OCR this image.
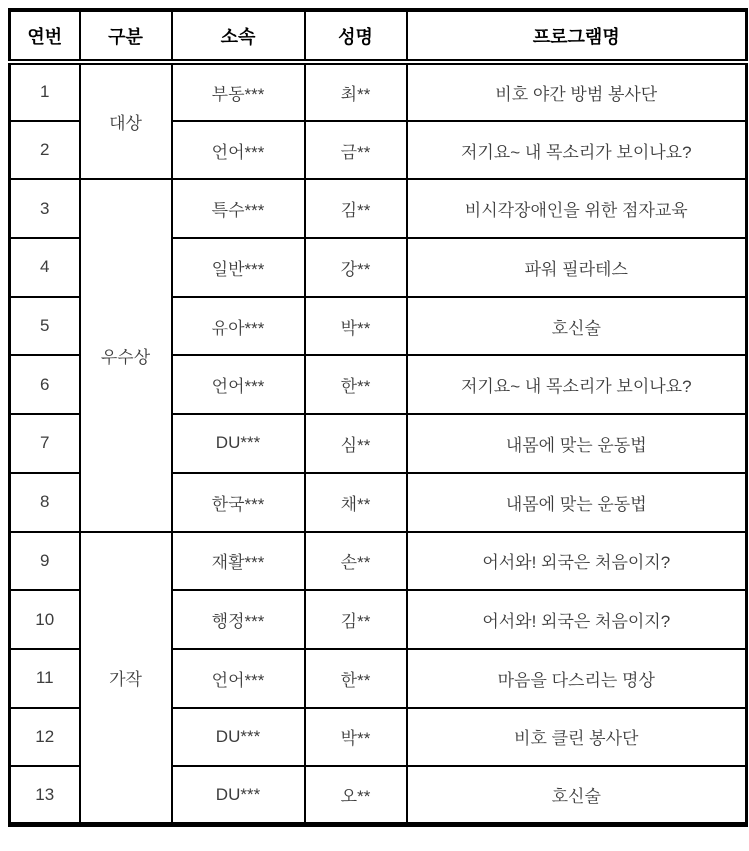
연번	구분	소속	성명	프로그램명
1	대상	부동***	최**	비호 야간 방범 봉사단
2		언어***	금**	저기요~ 내 목소리가 보이나요?
3	우수상	특수***	김**	비시각장애인을 위한 점자교육
4		일반***	강**	파워 필라테스
5		유아***	박**	호신술
6		언어***	한**	저기요~ 내 목소리가 보이나요?
7		DU***	심**	내몸에 맞는 운동법
8		한국***	채**	내몸에 맞는 운동법
9	가작	재활***	손**	어서와! 외국은 처음이지?
10		행정***	김**	어서와! 외국은 처음이지?
11		언어***	한**	마음을 다스리는 명상
12		DU***	박**	비호 클린 봉사단
13		DU***	오**	호신술
